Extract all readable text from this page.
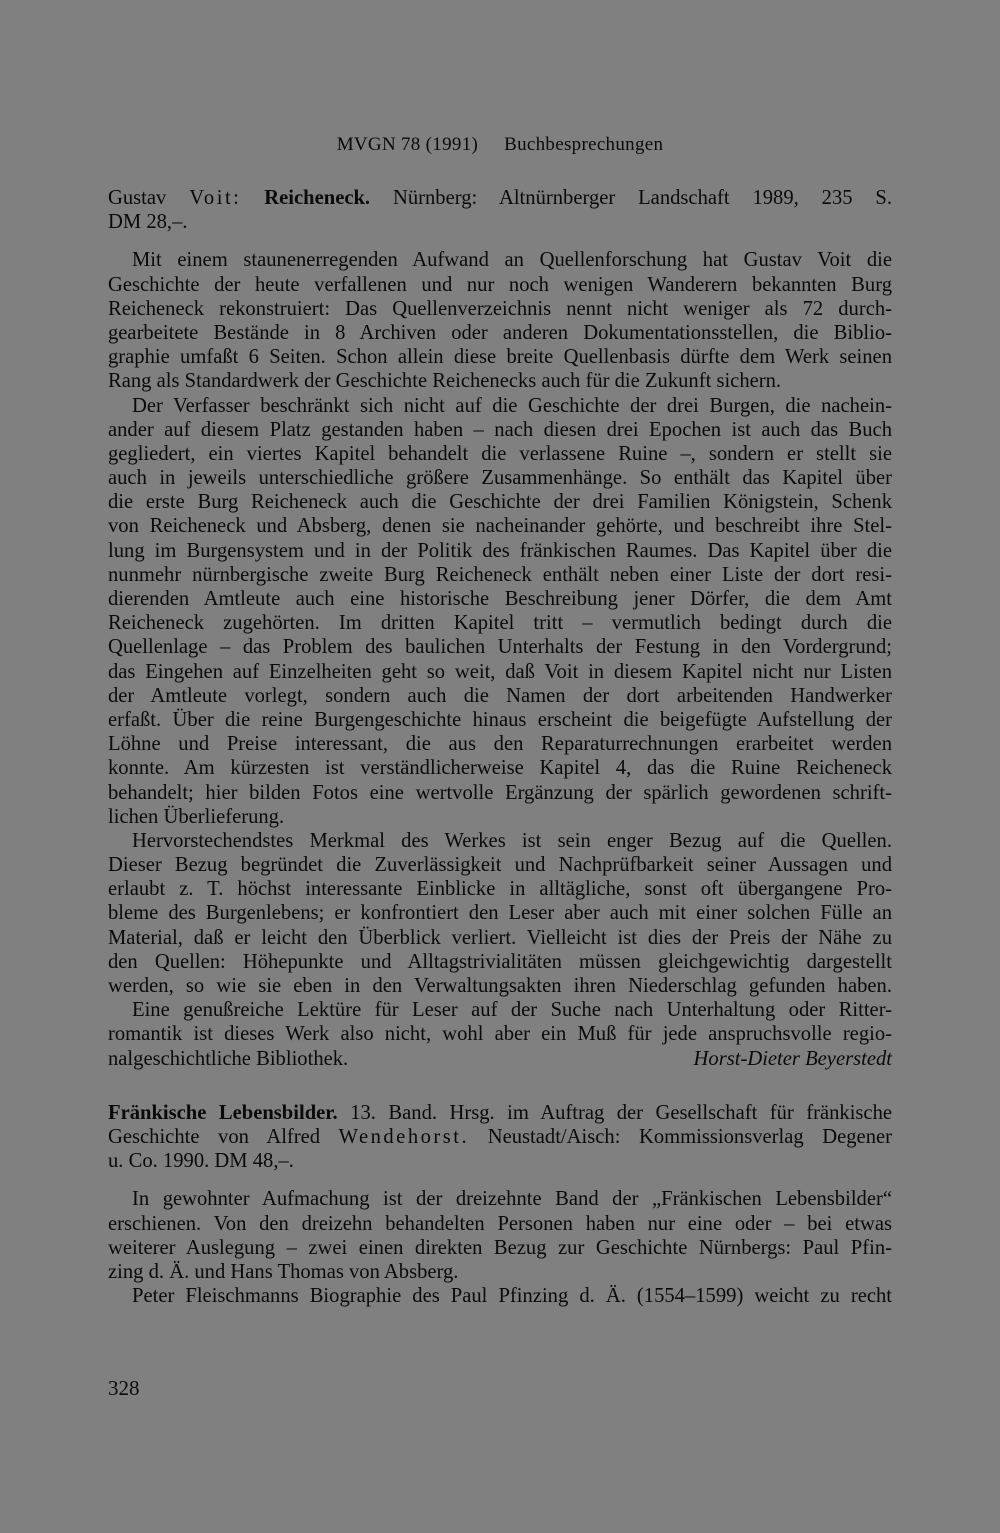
MVGN 78 (1991) Buchbesprechungen
Gustav Voit: Reicheneck. Nürnberg: Altnürnberger Landschaft 1989, 235 S.
DM 28,–.
Mit einem staunenerregenden Aufwand an Quellenforschung hat Gustav Voit die
Geschichte der heute verfallenen und nur noch wenigen Wanderern bekannten Burg
Reicheneck rekonstruiert: Das Quellenverzeichnis nennt nicht weniger als 72 durch-
gearbeitete Bestände in 8 Archiven oder anderen Dokumentationsstellen, die Biblio-
graphie umfaßt 6 Seiten. Schon allein diese breite Quellenbasis dürfte dem Werk seinen
Rang als Standardwerk der Geschichte Reichenecks auch für die Zukunft sichern.
Der Verfasser beschränkt sich nicht auf die Geschichte der drei Burgen, die nachein-
ander auf diesem Platz gestanden haben – nach diesen drei Epochen ist auch das Buch
gegliedert, ein viertes Kapitel behandelt die verlassene Ruine –, sondern er stellt sie
auch in jeweils unterschiedliche größere Zusammenhänge. So enthält das Kapitel über
die erste Burg Reicheneck auch die Geschichte der drei Familien Königstein, Schenk
von Reicheneck und Absberg, denen sie nacheinander gehörte, und beschreibt ihre Stel-
lung im Burgensystem und in der Politik des fränkischen Raumes. Das Kapitel über die
nunmehr nürnbergische zweite Burg Reicheneck enthält neben einer Liste der dort resi-
dierenden Amtleute auch eine historische Beschreibung jener Dörfer, die dem Amt
Reicheneck zugehörten. Im dritten Kapitel tritt – vermutlich bedingt durch die
Quellenlage – das Problem des baulichen Unterhalts der Festung in den Vordergrund;
das Eingehen auf Einzelheiten geht so weit, daß Voit in diesem Kapitel nicht nur Listen
der Amtleute vorlegt, sondern auch die Namen der dort arbeitenden Handwerker
erfaßt. Über die reine Burgengeschichte hinaus erscheint die beigefügte Aufstellung der
Löhne und Preise interessant, die aus den Reparaturrechnungen erarbeitet werden
konnte. Am kürzesten ist verständlicherweise Kapitel 4, das die Ruine Reicheneck
behandelt; hier bilden Fotos eine wertvolle Ergänzung der spärlich gewordenen schrift-
lichen Überlieferung.
Hervorstechendstes Merkmal des Werkes ist sein enger Bezug auf die Quellen.
Dieser Bezug begründet die Zuverlässigkeit und Nachprüfbarkeit seiner Aussagen und
erlaubt z. T. höchst interessante Einblicke in alltägliche, sonst oft übergangene Pro-
bleme des Burgenlebens; er konfrontiert den Leser aber auch mit einer solchen Fülle an
Material, daß er leicht den Überblick verliert. Vielleicht ist dies der Preis der Nähe zu
den Quellen: Höhepunkte und Alltagstrivialitäten müssen gleichgewichtig dargestellt
werden, so wie sie eben in den Verwaltungsakten ihren Niederschlag gefunden haben.
Eine genußreiche Lektüre für Leser auf der Suche nach Unterhaltung oder Ritter-
romantik ist dieses Werk also nicht, wohl aber ein Muß für jede anspruchsvolle regio-
nalgeschichtliche Bibliothek.	Horst-Dieter Beyerstedt
Fränkische Lebensbilder. 13. Band. Hrsg. im Auftrag der Gesellschaft für fränkische
Geschichte von Alfred Wendehorst. Neustadt/Aisch: Kommissionsverlag Degener
u. Co. 1990. DM 48,–.
In gewohnter Aufmachung ist der dreizehnte Band der „Fränkischen Lebensbilder“
erschienen. Von den dreizehn behandelten Personen haben nur eine oder – bei etwas
weiterer Auslegung – zwei einen direkten Bezug zur Geschichte Nürnbergs: Paul Pfin-
zing d. Ä. und Hans Thomas von Absberg.
Peter Fleischmanns Biographie des Paul Pfinzing d. Ä. (1554–1599) weicht zu recht
328
